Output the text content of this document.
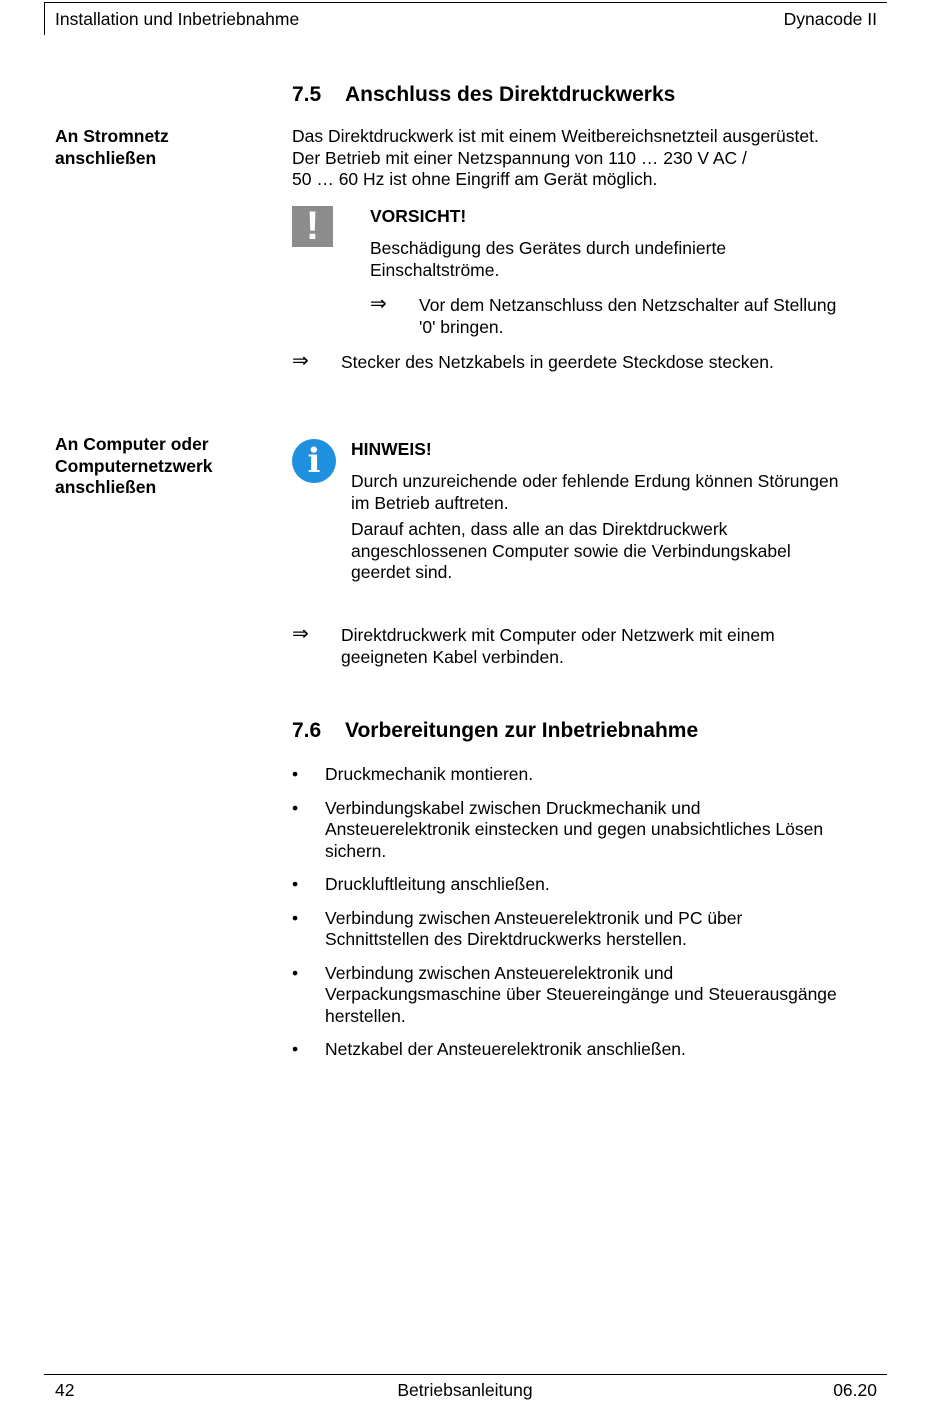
Installation und Inbetriebnahme	Dynacode II
7.5 Anschluss des Direktdruckwerks
An Stromnetz
anschließen
Das Direktdruckwerk ist mit einem Weitbereichsnetzteil ausgerüstet.
Der Betrieb mit einer Netzspannung von 110 … 230 V AC /
50 … 60 Hz ist ohne Eingriff am Gerät möglich.
!	VORSICHT!
Beschädigung des Gerätes durch undefinierte
Einschaltströme.
⇒ Vor dem Netzanschluss den Netzschalter auf Stellung
'0' bringen.
⇒ Stecker des Netzkabels in geerdete Steckdose stecken.
An Computer oder
Computernetzwerk
anschließen
i	HINWEIS!
Durch unzureichende oder fehlende Erdung können Störungen
im Betrieb auftreten.
Darauf achten, dass alle an das Direktdruckwerk
angeschlossenen Computer sowie die Verbindungskabel
geerdet sind.
⇒ Direktdruckwerk mit Computer oder Netzwerk mit einem
geeigneten Kabel verbinden.
7.6 Vorbereitungen zur Inbetriebnahme
• Druckmechanik montieren.
• Verbindungskabel zwischen Druckmechanik und
Ansteuerelektronik einstecken und gegen unabsichtliches Lösen
sichern.
• Druckluftleitung anschließen.
• Verbindung zwischen Ansteuerelektronik und PC über
Schnittstellen des Direktdruckwerks herstellen.
• Verbindung zwischen Ansteuerelektronik und
Verpackungsmaschine über Steuereingänge und Steuerausgänge
herstellen.
• Netzkabel der Ansteuerelektronik anschließen.
42	Betriebsanleitung	06.20
